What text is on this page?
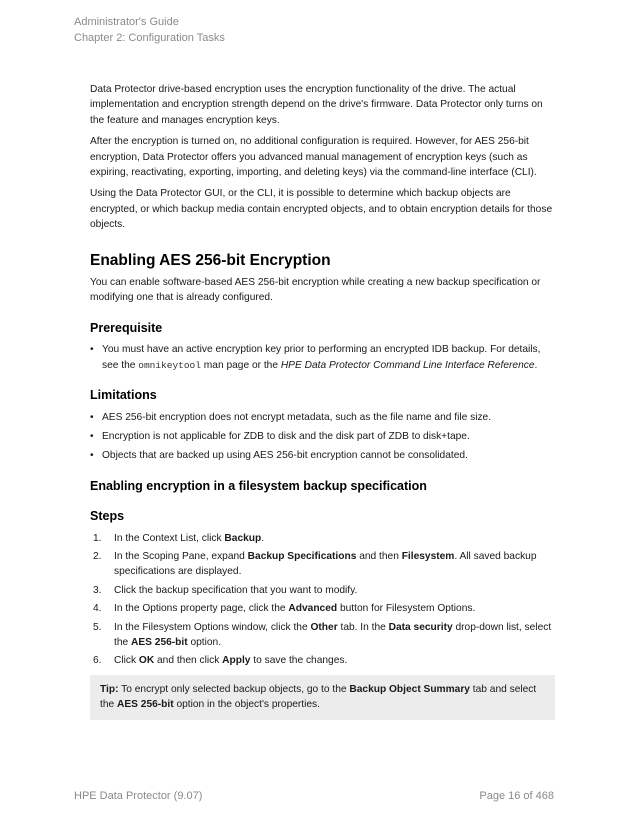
Administrator's Guide
Chapter 2: Configuration Tasks

Data Protector drive-based encryption uses the encryption functionality of the drive. The actual implementation and encryption strength depend on the drive's firmware. Data Protector only turns on the feature and manages encryption keys.

After the encryption is turned on, no additional configuration is required. However, for AES 256-bit encryption, Data Protector offers you advanced manual management of encryption keys (such as expiring, reactivating, exporting, importing, and deleting keys) via the command-line interface (CLI).

Using the Data Protector GUI, or the CLI, it is possible to determine which backup objects are encrypted, or which backup media contain encrypted objects, and to obtain encryption details for those objects.

Enabling AES 256-bit Encryption

You can enable software-based AES 256-bit encryption while creating a new backup specification or modifying one that is already configured.

Prerequisite
• You must have an active encryption key prior to performing an encrypted IDB backup. For details, see the omnikeytool man page or the HPE Data Protector Command Line Interface Reference.
Limitations
• AES 256-bit encryption does not encrypt metadata, such as the file name and file size.
• Encryption is not applicable for ZDB to disk and the disk part of ZDB to disk+tape.
• Objects that are backed up using AES 256-bit encryption cannot be consolidated.
Enabling encryption in a filesystem backup specification
Steps
1. In the Context List, click Backup.
2. In the Scoping Pane, expand Backup Specifications and then Filesystem. All saved backup specifications are displayed.
3. Click the backup specification that you want to modify.
4. In the Options property page, click the Advanced button for Filesystem Options.
5. In the Filesystem Options window, click the Other tab. In the Data security drop-down list, select the AES 256-bit option.
6. Click OK and then click Apply to save the changes.
Tip: To encrypt only selected backup objects, go to the Backup Object Summary tab and select the AES 256-bit option in the object's properties.
HPE Data Protector (9.07)	Page 16 of 468
